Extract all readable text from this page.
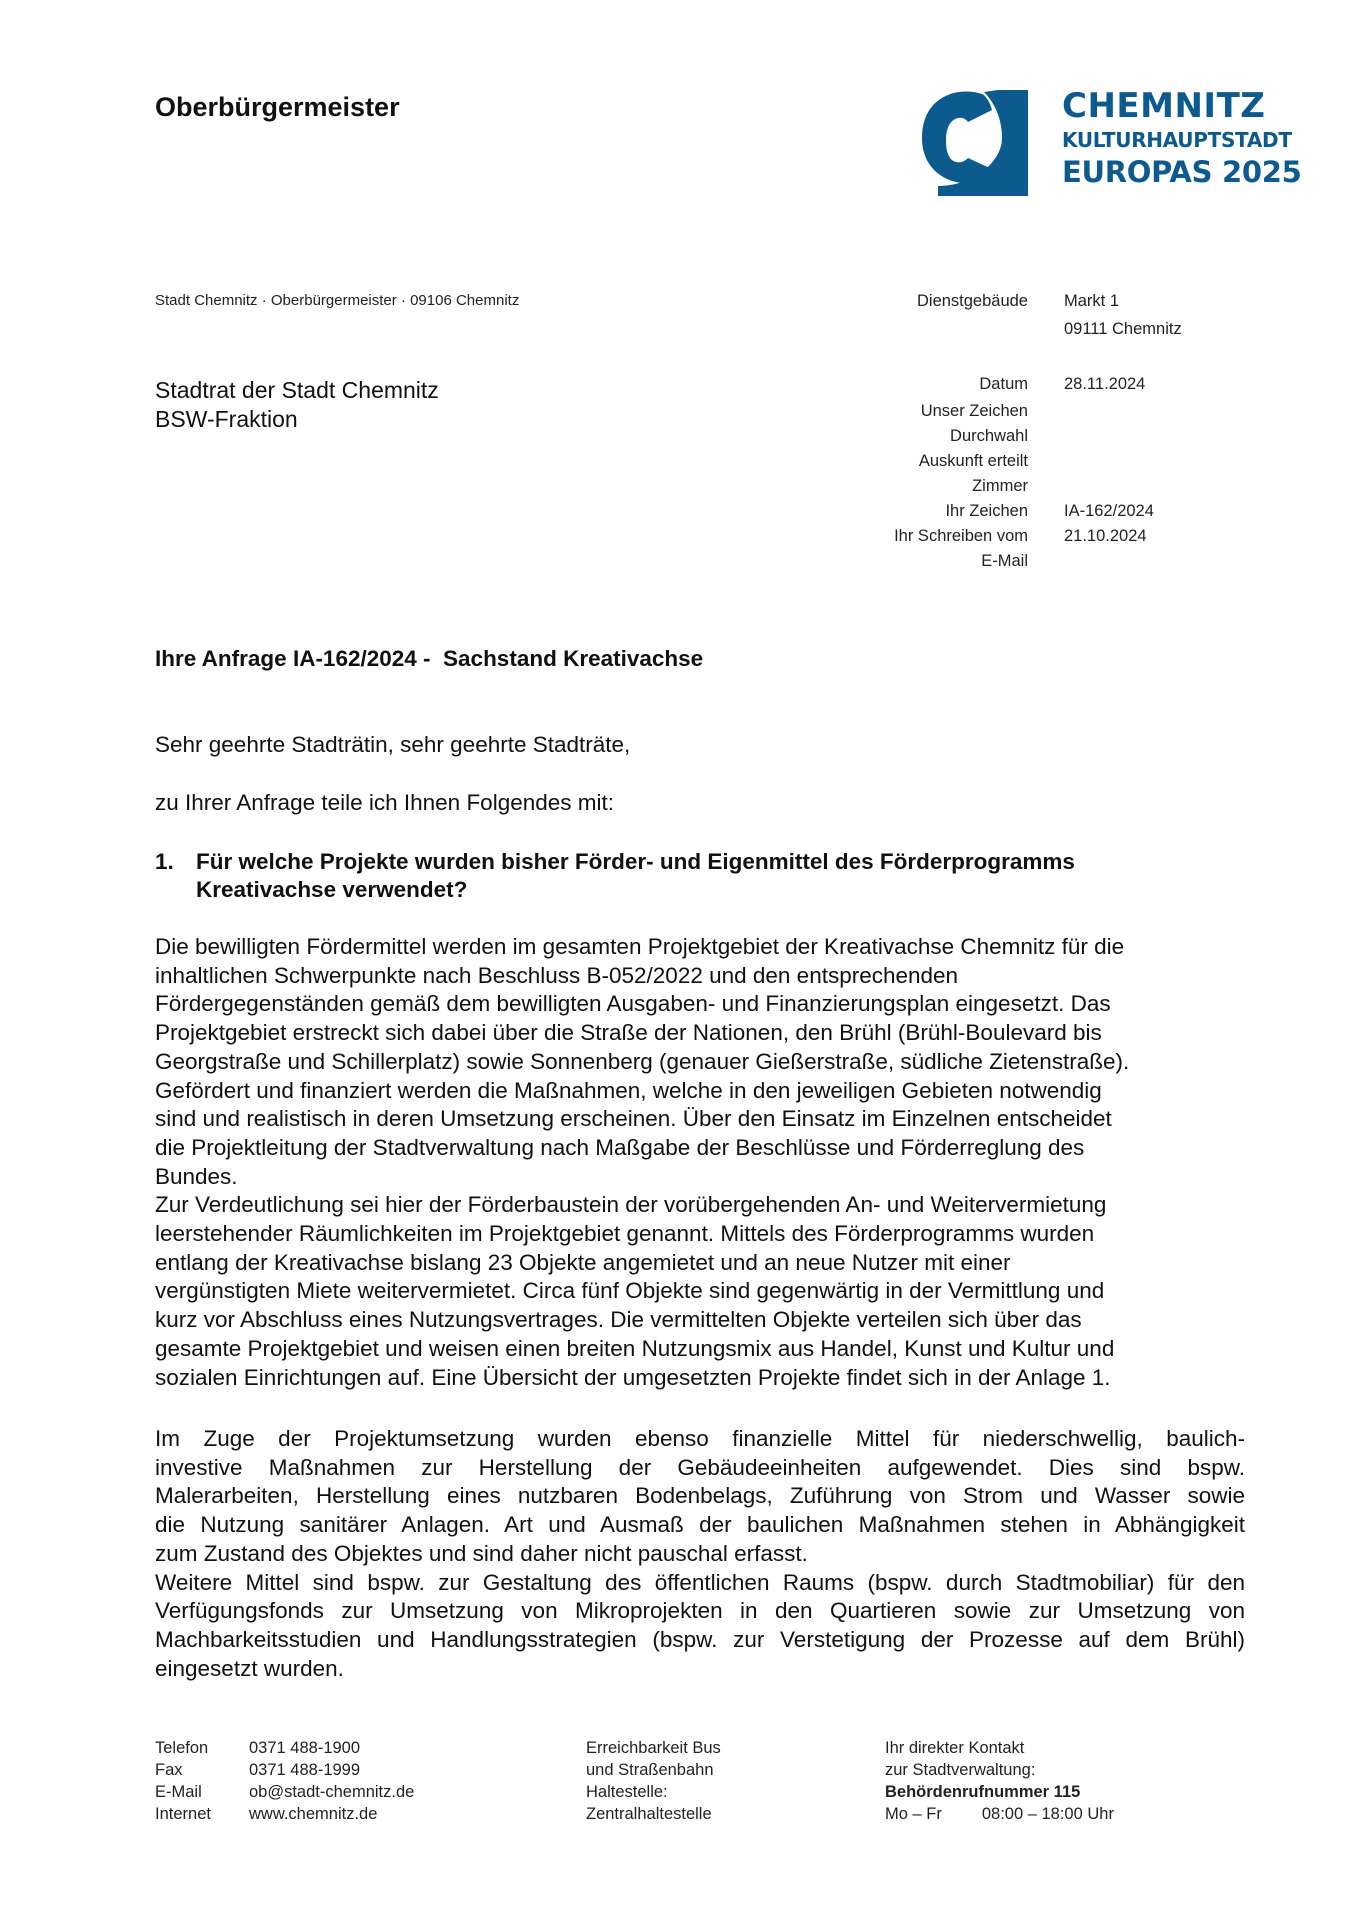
Oberbürgermeister	CHEMNITZ
KULTURHAUPTSTADT
EUROPAS 2025
Stadt Chemnitz · Oberbürgermeister · 09106 Chemnitz
Stadtrat der Stadt Chemnitz
BSW-Fraktion
Dienstgebäude	Markt 1
09111 Chemnitz
Datum	28.11.2024
Unser Zeichen
Durchwahl
Auskunft erteilt
Zimmer
Ihr Zeichen	IA-162/2024
Ihr Schreiben vom	21.10.2024
E-Mail
Ihre Anfrage IA-162/2024 -  Sachstand Kreativachse
Sehr geehrte Stadträtin, sehr geehrte Stadträte,
zu Ihrer Anfrage teile ich Ihnen Folgendes mit:
1. Für welche Projekte wurden bisher Förder- und Eigenmittel des Förderprogramms
Kreativachse verwendet?
Die bewilligten Fördermittel werden im gesamten Projektgebiet der Kreativachse Chemnitz für die
inhaltlichen Schwerpunkte nach Beschluss B-052/2022 und den entsprechenden
Fördergegenständen gemäß dem bewilligten Ausgaben- und Finanzierungsplan eingesetzt. Das
Projektgebiet erstreckt sich dabei über die Straße der Nationen, den Brühl (Brühl-Boulevard bis
Georgstraße und Schillerplatz) sowie Sonnenberg (genauer Gießerstraße, südliche Zietenstraße).
Gefördert und finanziert werden die Maßnahmen, welche in den jeweiligen Gebieten notwendig
sind und realistisch in deren Umsetzung erscheinen. Über den Einsatz im Einzelnen entscheidet
die Projektleitung der Stadtverwaltung nach Maßgabe der Beschlüsse und Förderreglung des
Bundes.
Zur Verdeutlichung sei hier der Förderbaustein der vorübergehenden An- und Weitervermietung
leerstehender Räumlichkeiten im Projektgebiet genannt. Mittels des Förderprogramms wurden
entlang der Kreativachse bislang 23 Objekte angemietet und an neue Nutzer mit einer
vergünstigten Miete weitervermietet. Circa fünf Objekte sind gegenwärtig in der Vermittlung und
kurz vor Abschluss eines Nutzungsvertrages. Die vermittelten Objekte verteilen sich über das
gesamte Projektgebiet und weisen einen breiten Nutzungsmix aus Handel, Kunst und Kultur und
sozialen Einrichtungen auf. Eine Übersicht der umgesetzten Projekte findet sich in der Anlage 1.
Im Zuge der Projektumsetzung wurden ebenso finanzielle Mittel für niederschwellig, baulich-
investive Maßnahmen zur Herstellung der Gebäudeeinheiten aufgewendet. Dies sind bspw.
Malerarbeiten, Herstellung eines nutzbaren Bodenbelags, Zuführung von Strom und Wasser sowie
die Nutzung sanitärer Anlagen. Art und Ausmaß der baulichen Maßnahmen stehen in Abhängigkeit
zum Zustand des Objektes und sind daher nicht pauschal erfasst.
Weitere Mittel sind bspw. zur Gestaltung des öffentlichen Raums (bspw. durch Stadtmobiliar) für den
Verfügungsfonds zur Umsetzung von Mikroprojekten in den Quartieren sowie zur Umsetzung von
Machbarkeitsstudien und Handlungsstrategien (bspw. zur Verstetigung der Prozesse auf dem Brühl)
eingesetzt wurden.
Telefon	0371 488-1900
Fax	0371 488-1999
E-Mail	ob@stadt-chemnitz.de
Internet	www.chemnitz.de
Erreichbarkeit Bus
und Straßenbahn
Haltestelle:
Zentralhaltestelle
Ihr direkter Kontakt
zur Stadtverwaltung:
Behördenrufnummer 115
Mo – Fr 08:00 – 18:00 Uhr
